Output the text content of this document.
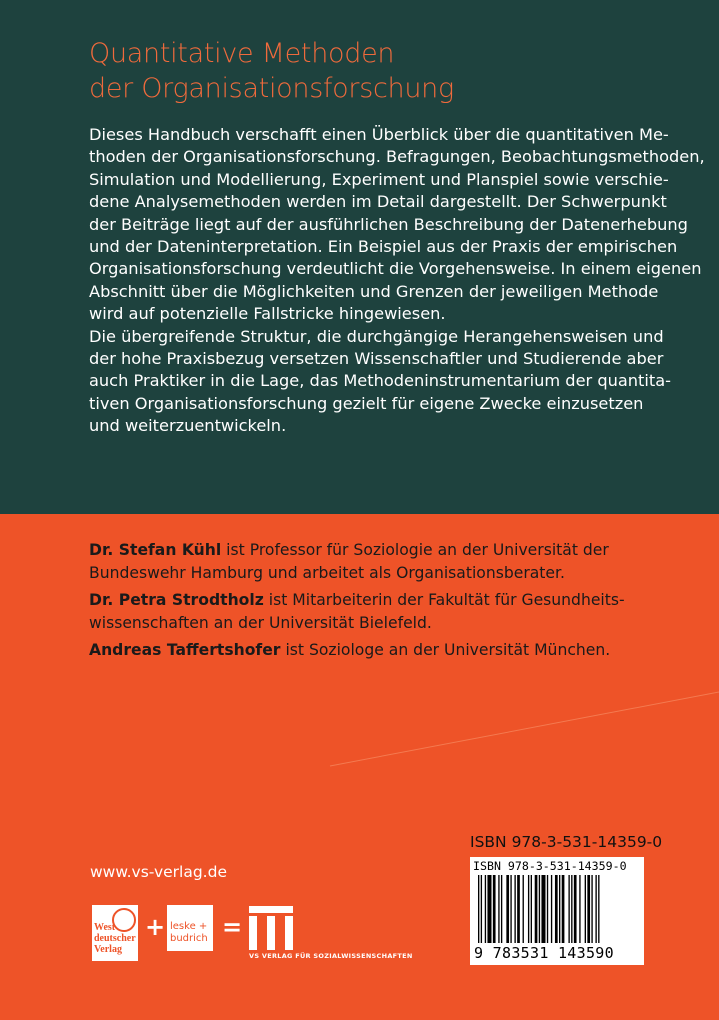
Quantitative Methoden
der Organisationsforschung
Dieses Handbuch verschafft einen Überblick über die quantitativen Me-
thoden der Organisationsforschung. Befragungen, Beobachtungsmethoden,
Simulation und Modellierung, Experiment und Planspiel sowie verschie-
dene Analysemethoden werden im Detail dargestellt. Der Schwerpunkt
der Beiträge liegt auf der ausführlichen Beschreibung der Datenerhebung
und der Dateninterpretation. Ein Beispiel aus der Praxis der empirischen
Organisationsforschung verdeutlicht die Vorgehensweise. In einem eigenen
Abschnitt über die Möglichkeiten und Grenzen der jeweiligen Methode
wird auf potenzielle Fallstricke hingewiesen.
Die übergreifende Struktur, die durchgängige Herangehensweisen und
der hohe Praxisbezug versetzen Wissenschaftler und Studierende aber
auch Praktiker in die Lage, das Methodeninstrumentarium der quantita-
tiven Organisationsforschung gezielt für eigene Zwecke einzusetzen
und weiterzuentwickeln.
Dr. Stefan Kühl ist Professor für Soziologie an der Universität der
Bundeswehr Hamburg und arbeitet als Organisationsberater.
Dr. Petra Strodtholz ist Mitarbeiterin der Fakultät für Gesundheits-
wissenschaften an der Universität Bielefeld.
Andreas Taffertshofer ist Soziologe an der Universität München.
www.vs-verlag.de
ISBN 978-3-531-14359-0
ISBN 978-3-531-14359-0
9 783531 143590
West
deutscher
Verlag
+ leske +
budrich =
VS VERLAG FÜR SOZIALWISSENSCHAFTEN
